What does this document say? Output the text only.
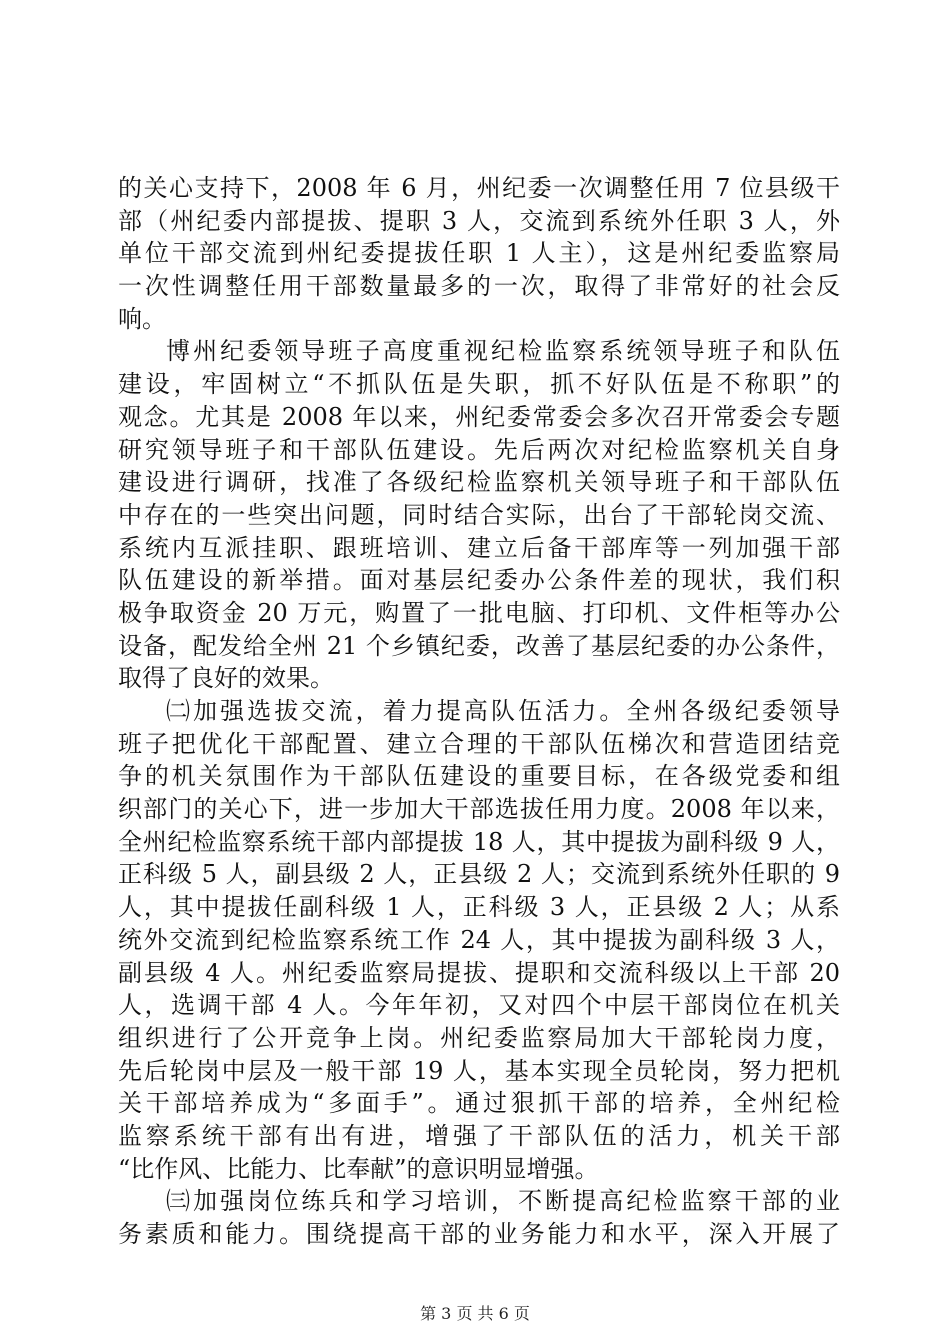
的关心支持下，2008 年 6 月，州纪委一次调整任用 7 位县级干
部（州纪委内部提拔、提职 3 人，交流到系统外任职 3 人，外
单位干部交流到州纪委提拔任职 1 人主），这是州纪委监察局
一次性调整任用干部数量最多的一次，取得了非常好的社会反
响。
博州纪委领导班子高度重视纪检监察系统领导班子和队伍
建设，牢固树立“不抓队伍是失职，抓不好队伍是不称职”的
观念。尤其是 2008 年以来，州纪委常委会多次召开常委会专题
研究领导班子和干部队伍建设。先后两次对纪检监察机关自身
建设进行调研，找准了各级纪检监察机关领导班子和干部队伍
中存在的一些突出问题，同时结合实际，出台了干部轮岗交流、
系统内互派挂职、跟班培训、建立后备干部库等一列加强干部
队伍建设的新举措。面对基层纪委办公条件差的现状，我们积
极争取资金 20 万元，购置了一批电脑、打印机、文件柜等办公
设备，配发给全州 21 个乡镇纪委，改善了基层纪委的办公条件，
取得了良好的效果。
㈡加强选拔交流，着力提高队伍活力。全州各级纪委领导
班子把优化干部配置、建立合理的干部队伍梯次和营造团结竞
争的机关氛围作为干部队伍建设的重要目标，在各级党委和组
织部门的关心下，进一步加大干部选拔任用力度。2008 年以来，
全州纪检监察系统干部内部提拔 18 人，其中提拔为副科级 9 人，
正科级 5 人，副县级 2 人，正县级 2 人；交流到系统外任职的 9
人，其中提拔任副科级 1 人，正科级 3 人，正县级 2 人；从系
统外交流到纪检监察系统工作 24 人，其中提拔为副科级 3 人，
副县级 4 人。州纪委监察局提拔、提职和交流科级以上干部 20
人，选调干部 4 人。今年年初，又对四个中层干部岗位在机关
组织进行了公开竞争上岗。州纪委监察局加大干部轮岗力度，
先后轮岗中层及一般干部 19 人，基本实现全员轮岗，努力把机
关干部培养成为“多面手”。通过狠抓干部的培养，全州纪检
监察系统干部有出有进，增强了干部队伍的活力，机关干部
“比作风、比能力、比奉献”的意识明显增强。
㈢加强岗位练兵和学习培训，不断提高纪检监察干部的业
务素质和能力。围绕提高干部的业务能力和水平，深入开展了
第 3 页 共 6 页
